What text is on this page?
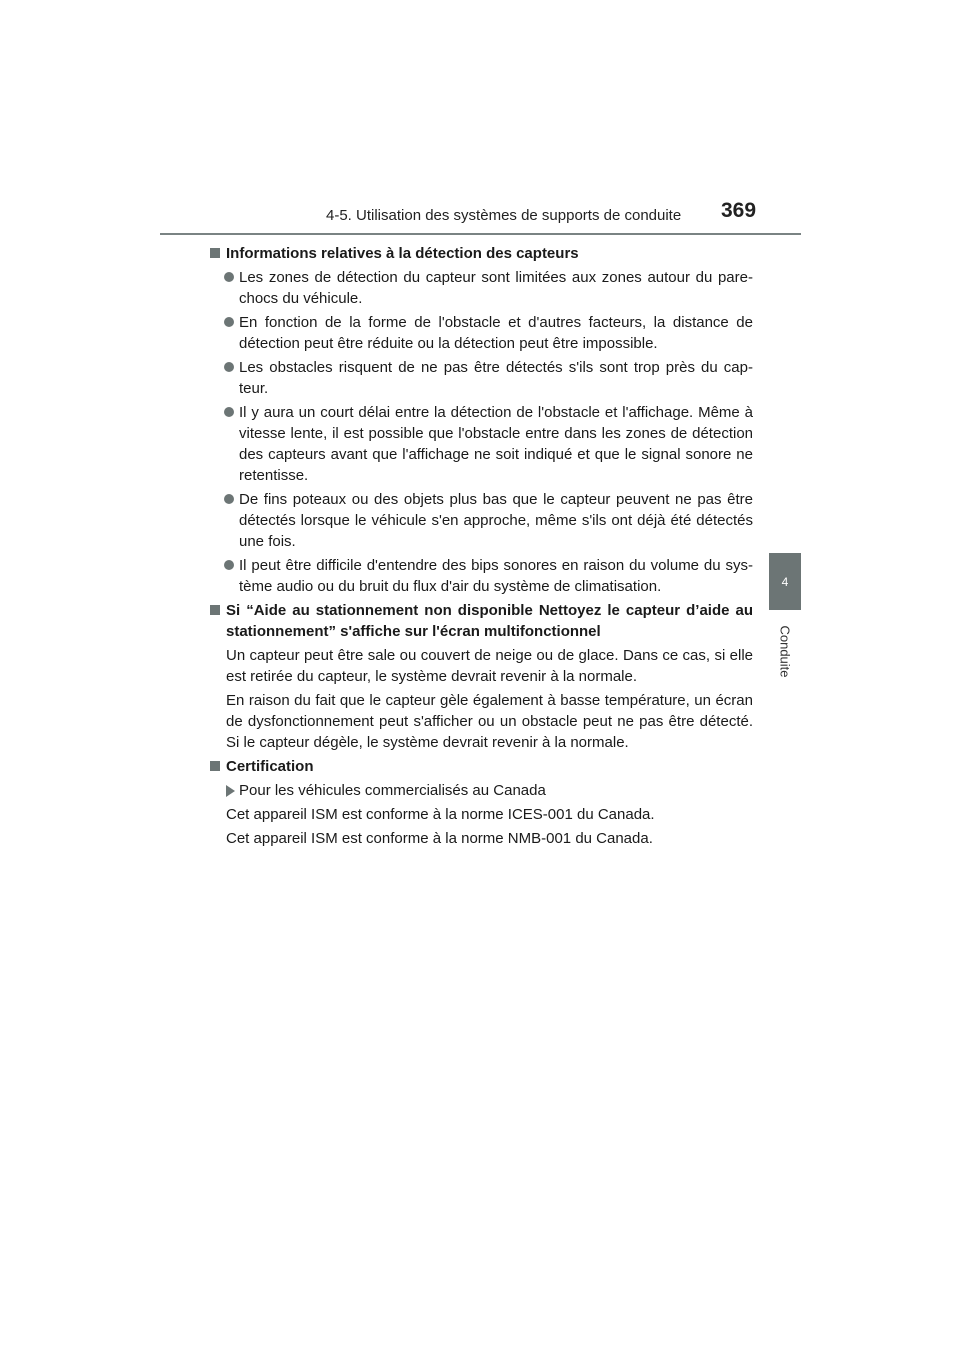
4-5. Utilisation des systèmes de supports de conduite 369
4
Conduite
Informations relatives à la détection des capteurs
Les zones de détection du capteur sont limitées aux zones autour du pare-chocs du véhicule.
En fonction de la forme de l'obstacle et d'autres facteurs, la distance de détection peut être réduite ou la détection peut être impossible.
Les obstacles risquent de ne pas être détectés s'ils sont trop près du cap-teur.
Il y aura un court délai entre la détection de l'obstacle et l'affichage. Même à vitesse lente, il est possible que l'obstacle entre dans les zones de détection des capteurs avant que l'affichage ne soit indiqué et que le signal sonore ne retentisse.
De fins poteaux ou des objets plus bas que le capteur peuvent ne pas être détectés lorsque le véhicule s'en approche, même s'ils ont déjà été détectés une fois.
Il peut être difficile d'entendre des bips sonores en raison du volume du sys-tème audio ou du bruit du flux d'air du système de climatisation.
Si “Aide au stationnement non disponible Nettoyez le capteur d’aide au stationnement” s'affiche sur l'écran multifonctionnel
Un capteur peut être sale ou couvert de neige ou de glace. Dans ce cas, si elle est retirée du capteur, le système devrait revenir à la normale.
En raison du fait que le capteur gèle également à basse température, un écran de dysfonctionnement peut s'afficher ou un obstacle peut ne pas être détecté. Si le capteur dégèle, le système devrait revenir à la normale.
Certification
Pour les véhicules commercialisés au Canada
Cet appareil ISM est conforme à la norme ICES-001 du Canada.
Cet appareil ISM est conforme à la norme NMB-001 du Canada.
